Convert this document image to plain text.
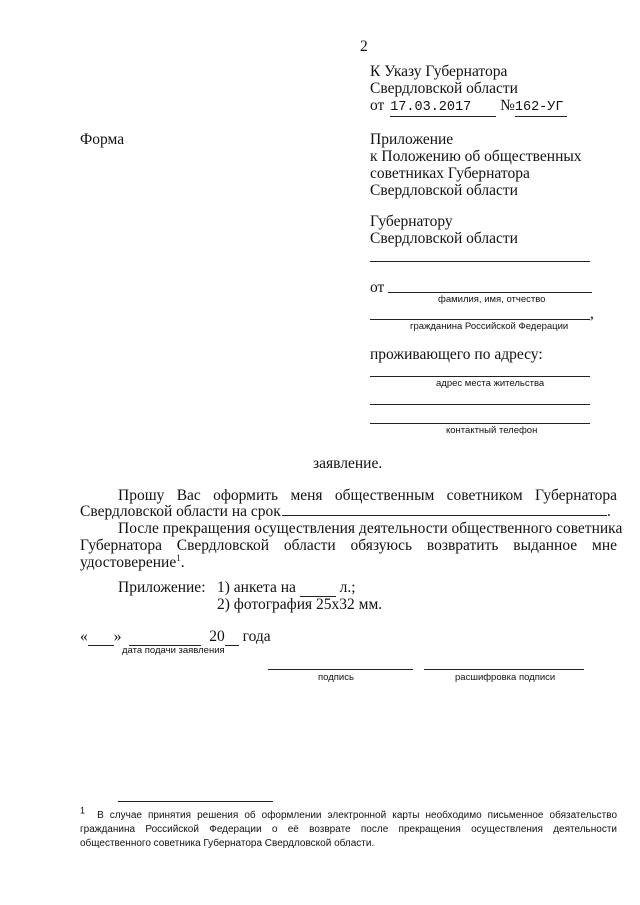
2
К Указу Губернатора
Свердловской области
от 17.03.2017 №162-УГ
Форма	Приложение
к Положению об общественных
советниках Губернатора
Свердловской области
Губернатору
Свердловской области
от
фамилия, имя, отчество
,
гражданина Российской Федерации
проживающего по адресу:
адрес места жительства
контактный телефон
заявление.
Прошу Вас оформить меня общественным советником Губернатора
Свердловской области на срок	.
После прекращения осуществления деятельности общественного советника
Губернатора Свердловской области обязуюсь возвратить выданное мне
удостоверение$^1$.
Приложение: 1) анкета на	л.;
2) фотография 25х32 мм.
« »	20 года
дата подачи заявления
подпись	расшифровка подписи
$^1$ В случае принятия решения об оформлении электронной карты необходимо письменное обязательство гражданина Российской Федерации о её возврате после прекращения осуществления деятельности общественного советника Губернатора Свердловской области.
